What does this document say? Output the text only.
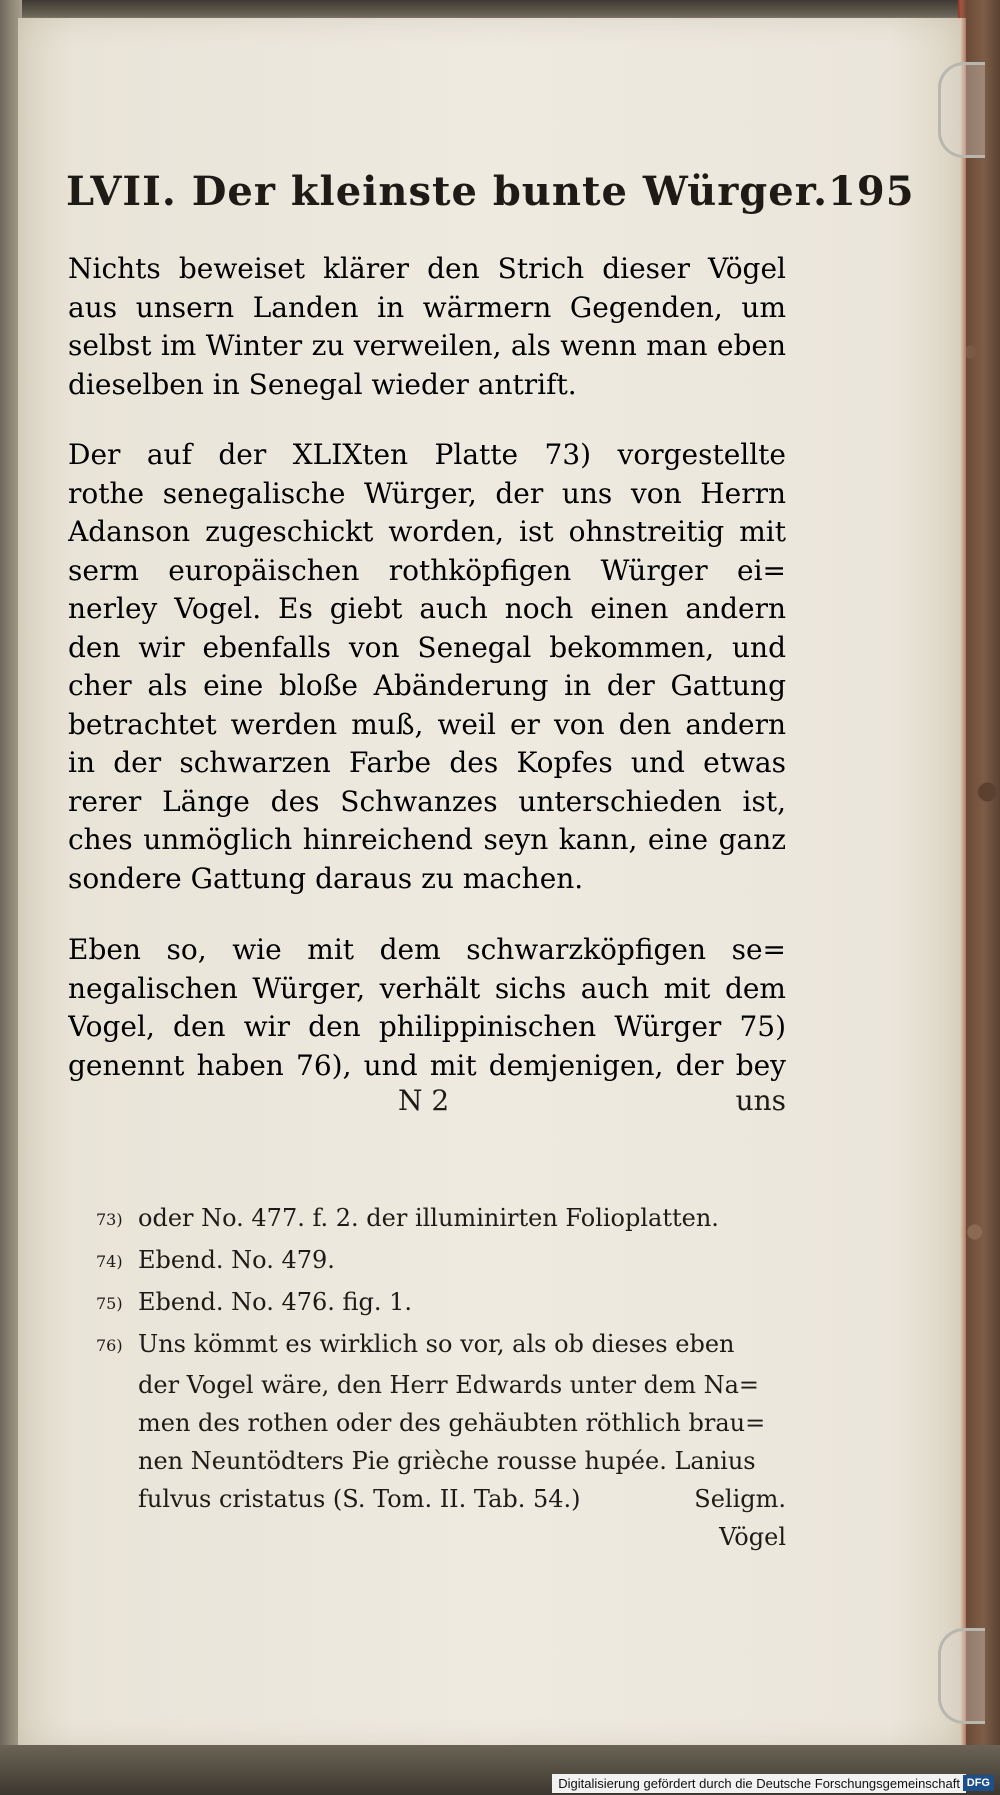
LVII. Der kleinste bunte Würger. 195
Nichts beweiset klärer den Strich dieser Vögel
aus unsern Landen in wärmern Gegenden, um
selbst im Winter zu verweilen, als wenn man eben
dieselben in Senegal wieder antrift.
Der auf der XLIXten Platte 73) vorgestellte
rothe senegalische Würger, der uns von Herrn
Adanson zugeschickt worden, ist ohnstreitig mit
serm europäischen rothköpfigen Würger ei=
nerley Vogel. Es giebt auch noch einen andern
den wir ebenfalls von Senegal bekommen, und
cher als eine bloße Abänderung in der Gattung
betrachtet werden muß, weil er von den andern
in der schwarzen Farbe des Kopfes und etwas
rerer Länge des Schwanzes unterschieden ist,
ches unmöglich hinreichend seyn kann, eine ganz
sondere Gattung daraus zu machen.
Eben so, wie mit dem schwarzköpfigen se=
negalischen Würger, verhält sichs auch mit dem
Vogel, den wir den philippinischen Würger 75)
genennt haben 76), und mit demjenigen, der bey
N 2	uns
73) oder No. 477. f. 2. der illuminirten Folioplatten.
74) Ebend. No. 479.
75) Ebend. No. 476. fig. 1.
76) Uns kömmt es wirklich so vor, als ob dieses eben
der Vogel wäre, den Herr Edwards unter dem Na=
men des rothen oder des gehäubten röthlich brau=
nen Neuntödters Pie grièche rousse hupée. Lanius
fulvus cristatus (S. Tom. II. Tab. 54.)	Seligm.
Vögel
Digitalisierung gefördert durch die Deutsche Forschungsgemeinschaft DFG
